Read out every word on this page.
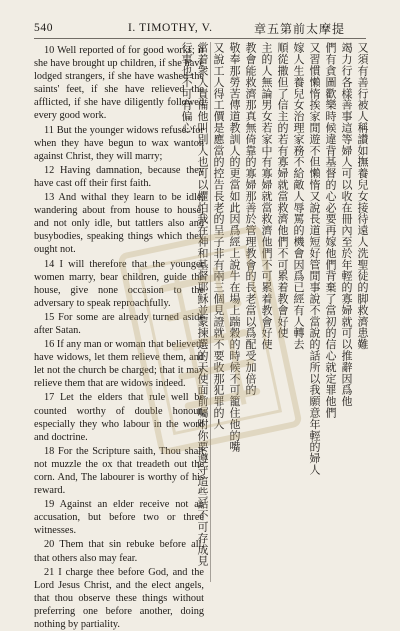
540	I. TIMOTHY, V.	章五第前太摩提

10 Well reported of for good works; if she have brought up children, if she have lodged strangers, if she have washed the saints' feet, if she have relieved the afflicted, if she have diligently followed every good work.

11 But the younger widows refuse: for when they have begun to wax wanton against Christ, they will marry;

12 Having damnation, because they have cast off their first faith.

13 And withal they learn to be idle, wandering about from house to house; and not only idle, but tattlers also and busybodies, speaking things which they ought not.

14 I will therefore that the younger women marry, bear children, guide the house, give none occasion to the adversary to speak reproachfully.

15 For some are already turned aside after Satan.

16 If any man or woman that believeth have widows, let them relieve them, and let not the church be charged; that it may relieve them that are widows indeed.

17 Let the elders that rule well be counted worthy of double honour, especially they who labour in the word and doctrine.

18 For the Scripture saith, Thou shalt not muzzle the ox that treadeth out the corn. And, The labourer is worthy of his reward.

19 Against an elder receive not an accusation, but before two or three witnesses.

20 Them that sin rebuke before all, that others also may fear.

21 I charge thee before God, and the Lord Jesus Christ, and the elect angels, that thou observe these things without preferring one before another, doing nothing by partiality.

又須有善行被人稱讚如撫養兒女接待遠人洗聖徒的脚救濟患難
竭力行各樣善事這等婦人可以收在冊內至於年輕的寡婦就可以推辭因爲他
們有貪圖歡樂時候違背基督的心必要再嫁他們背棄了當初的信心就定罪他們
又習慣懶惰挨家閒遊不但懶惰又說長道短好管閒事說不當說的話所以我願意年輕的婦人
嫁人生養兒女治理家務不給敵人辱罵的機會因爲已經有人轉去
順從撒但了信主的若有寡婦就當救濟他們不可累着教會好使
主的人無論男女若家中有寡婦就當救濟他們不可累着教會好使
教會能救濟那真無倚靠的寡婦那善於管理教會的長老當以爲配受加倍的
敬奉那勞苦傳道教訓人的更當如此因爲經上說牛在場上踹穀的時候不可籠住他的嘴
又說工人得工價是應當的控告長老的呈子非有兩三個見證就不要收那犯罪的人
當着衆人責備他叫別人也可以懼怕我在神和基督耶穌並蒙揀選的天使面前囑咐你要遵守這些話不可存成見
行事也不可有偏心
